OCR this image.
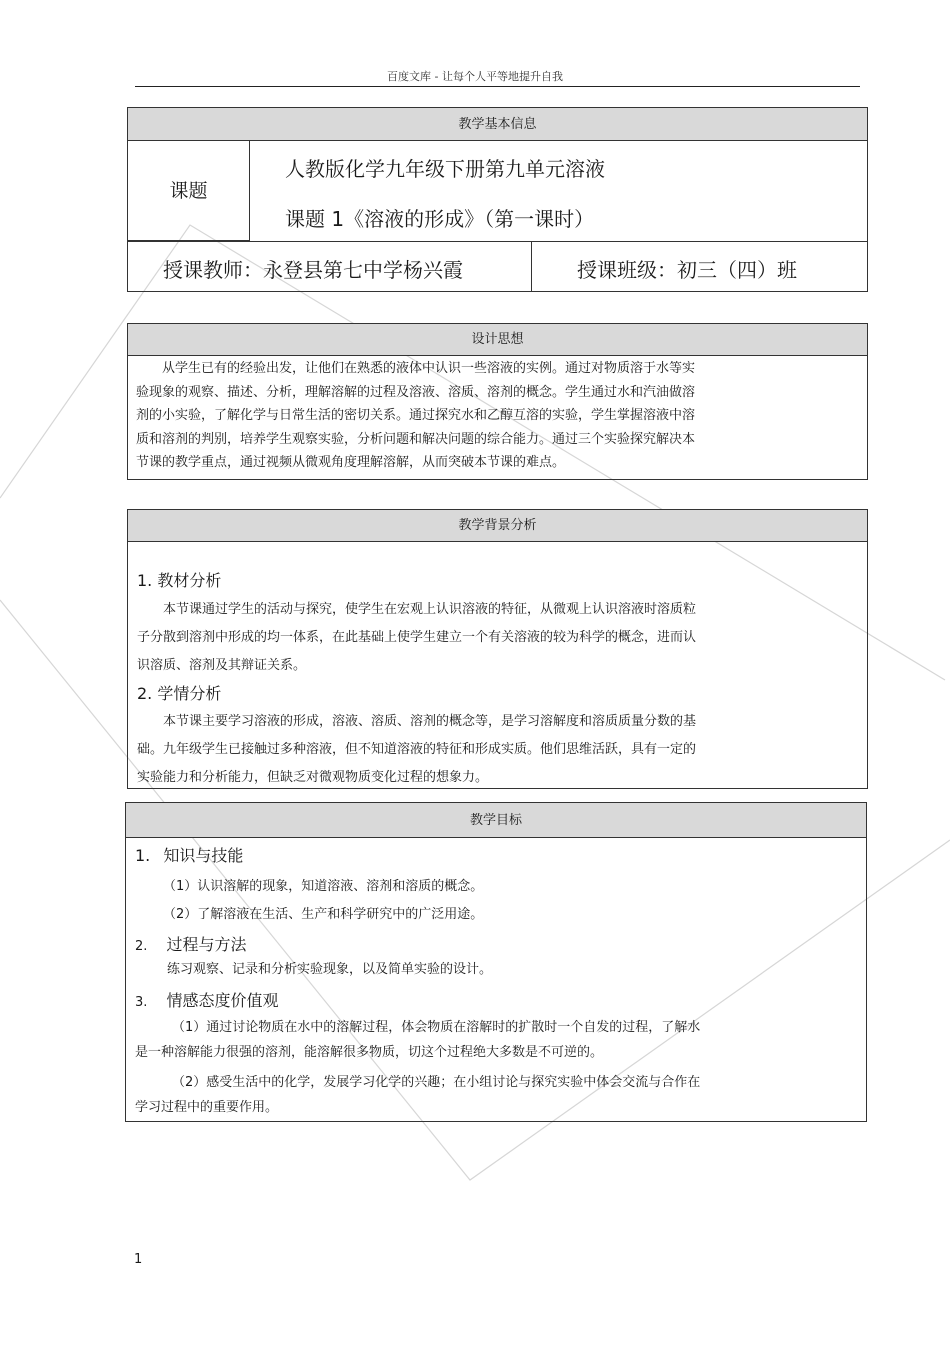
百度文库 - 让每个人平等地提升自我
教学基本信息
课题
人教版化学九年级下册第九单元溶液
课题 1《溶液的形成》（第一课时）
授课教师：永登县第七中学杨兴霞	授课班级：初三（四）班
设计思想
从学生已有的经验出发，让他们在熟悉的液体中认识一些溶液的实例。通过对物质溶于水等实
验现象的观察、描述、分析，理解溶解的过程及溶液、溶质、溶剂的概念。学生通过水和汽油做溶
剂的小实验，了解化学与日常生活的密切关系。通过探究水和乙醇互溶的实验，学生掌握溶液中溶
质和溶剂的判别，培养学生观察实验，分析问题和解决问题的综合能力。通过三个实验探究解决本
节课的教学重点，通过视频从微观角度理解溶解，从而突破本节课的难点。
教学背景分析
1. 教材分析
本节课通过学生的活动与探究，使学生在宏观上认识溶液的特征，从微观上认识溶液时溶质粒
子分散到溶剂中形成的均一体系，在此基础上使学生建立一个有关溶液的较为科学的概念，进而认
识溶质、溶剂及其辩证关系。
2. 学情分析
本节课主要学习溶液的形成，溶液、溶质、溶剂的概念等，是学习溶解度和溶质质量分数的基
础。九年级学生已接触过多种溶液，但不知道溶液的特征和形成实质。他们思维活跃，具有一定的
实验能力和分析能力，但缺乏对微观物质变化过程的想象力。
教学目标
1. 知识与技能
（1）认识溶解的现象，知道溶液、溶剂和溶质的概念。
（2）了解溶液在生活、生产和科学研究中的广泛用途。
2. 过程与方法
练习观察、记录和分析实验现象，以及简单实验的设计。
3. 情感态度价值观
（1）通过讨论物质在水中的溶解过程，体会物质在溶解时的扩散时一个自发的过程，了解水
是一种溶解能力很强的溶剂，能溶解很多物质，切这个过程绝大多数是不可逆的。
（2）感受生活中的化学，发展学习化学的兴趣；在小组讨论与探究实验中体会交流与合作在
学习过程中的重要作用。
1
